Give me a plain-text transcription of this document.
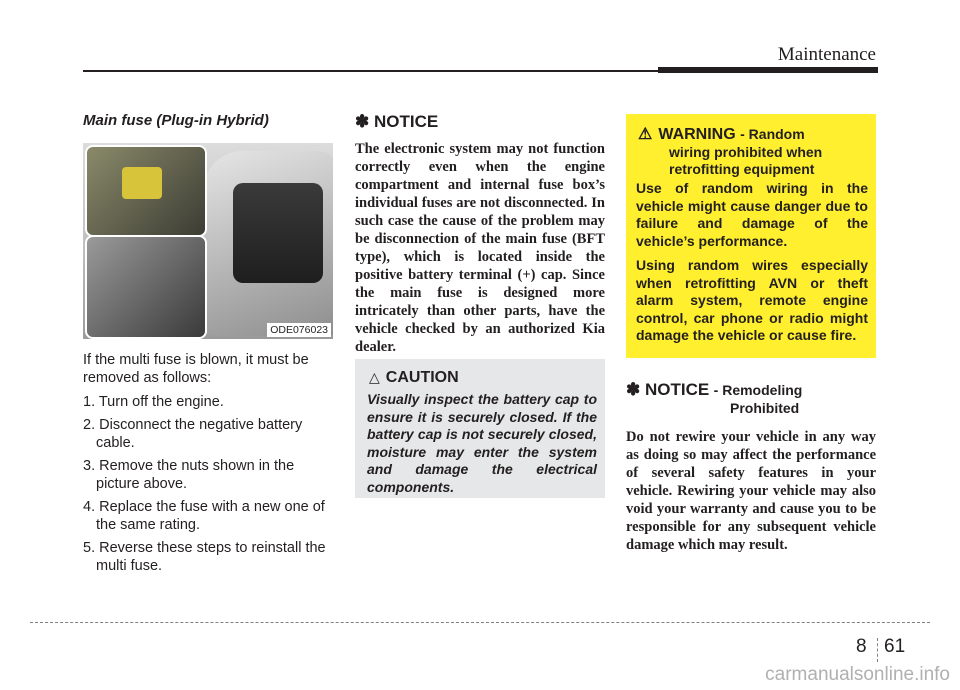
Maintenance

Main fuse (Plug-in Hybrid)

ODE076023

If the multi fuse is blown, it must be removed as follows:

1. Turn off the engine.
2. Disconnect the negative battery cable.
3. Remove the nuts shown in the picture above.
4. Replace the fuse with a new one of the same rating.
5. Reverse these steps to reinstall the multi fuse.

✽ NOTICE

The electronic system may not function correctly even when the engine compartment and internal fuse box’s individual fuses are not disconnected. In such case the cause of the problem may be disconnection of the main fuse (BFT type), which is located inside the positive battery terminal (+) cap. Since the main fuse is designed more intricately than other parts, have the vehicle checked by an authorized Kia dealer.

△ CAUTION
Visually inspect the battery cap to ensure it is securely closed. If the battery cap is not securely closed, moisture may enter the system and damage the electrical components.
⚠ WARNING - Random
wiring prohibited when retrofitting equipment

Use of random wiring in the vehicle might cause danger due to failure and damage of the vehicle’s performance.

Using random wires especially when retrofitting AVN or theft alarm system, remote engine control, car phone or radio might damage the vehicle or cause fire.

✽ NOTICE - Remodeling
Prohibited

Do not rewire your vehicle in any way as doing so may affect the performance of several safety features in your vehicle. Rewiring your vehicle may also void your warranty and cause you to be responsible for any subsequent vehicle damage which may result.

8 61
carmanualsonline.info
